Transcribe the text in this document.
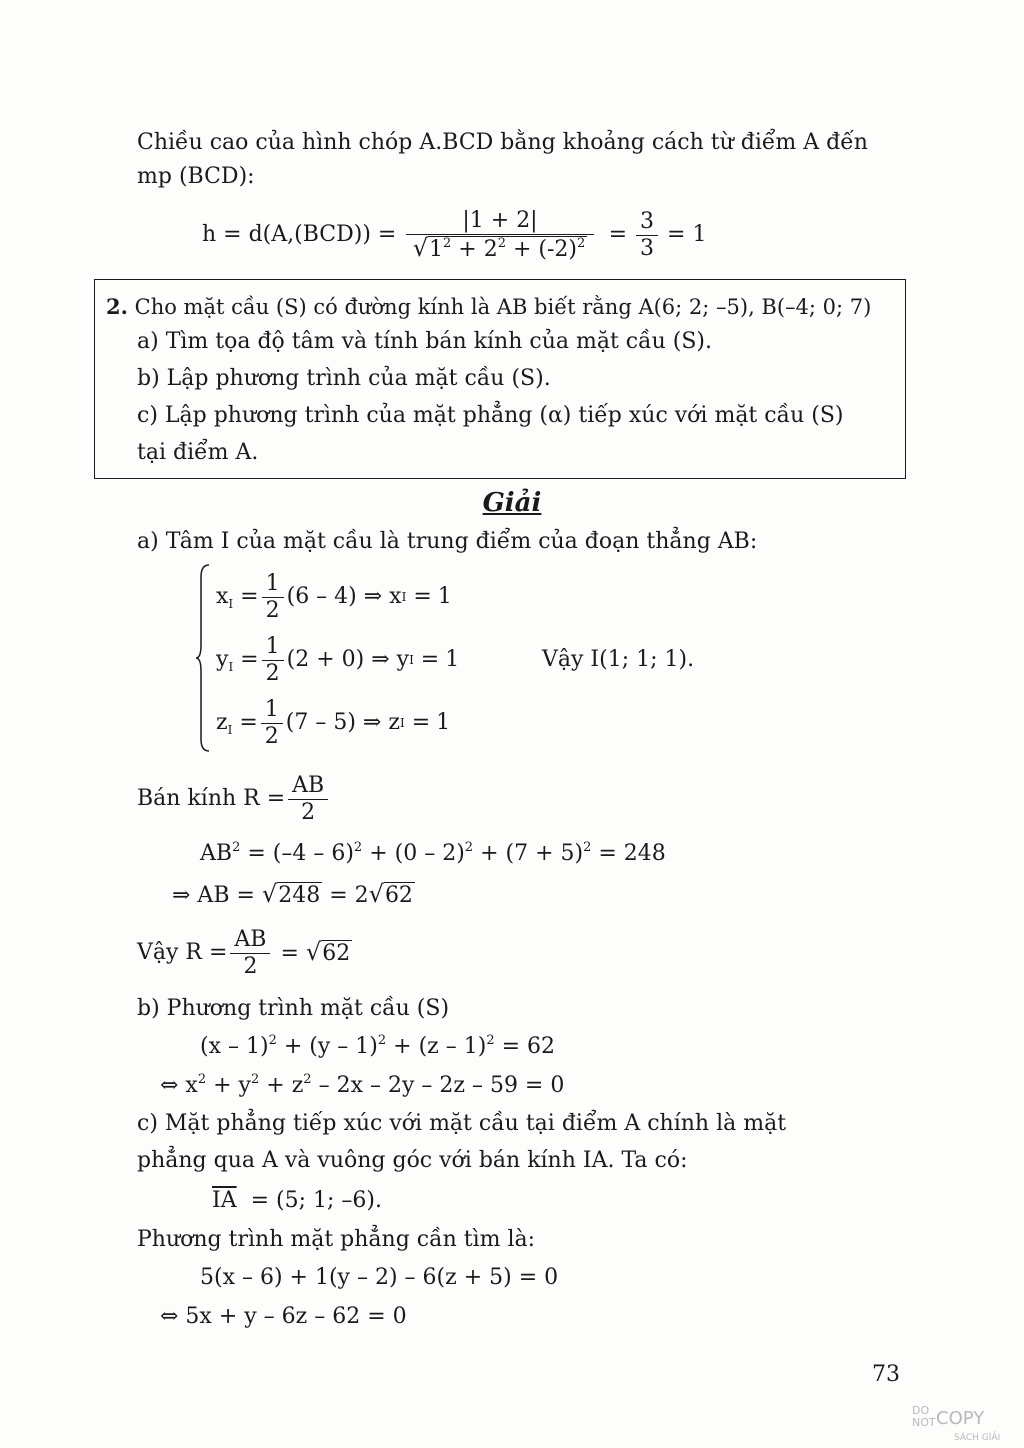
Chiều cao của hình chóp A.BCD bằng khoảng cách từ điểm A đến
mp (BCD):
$h = d(A,(BCD)) = \frac{|1 + 2|}{√1^2 + 2^2 + (-2)^2} = \frac{3}{3} = 1$
2. Cho mặt cầu (S) có đường kính là AB biết rằng A(6; 2; –5), B(–4; 0; 7)
a) Tìm tọa độ tâm và tính bán kính của mặt cầu (S).
b) Lập phương trình của mặt cầu (S).
c) Lập phương trình của mặt phẳng (α) tiếp xúc với mặt cầu (S)
tại điểm A.
Giải
a) Tâm I của mặt cầu là trung điểm của đoạn thẳng AB:
$x_I = \frac{1}{2} (6 - 4)$ ⇒ x I = 1
$y_I = \frac{1}{2} (2 + 0)$ ⇒ y I = 1	Vậy I(1; 1; 1).
$z_I = \frac{1}{2} (7 - 5)$ ⇒ z I = 1
Bán kính $R = \frac{AB}{2}$
$AB^2 = (-4 - 6)^2 + (0 - 2)^2 + (7 + 5)^2 = 248$
⇒ AB = √248 = 2√62
Vậy $R = \frac{AB}{2} = √62$
b) Phương trình mặt cầu (S)
(x – 1)$^2$ + (y – 1)$^2$ + (z – 1)$^2$ = 62
⇔ $x^2 + y^2 + z^2 - 2x - 2y - 2z - 59 = 0$
c) Mặt phẳng tiếp xúc với mặt cầu tại điểm A chính là mặt
phẳng qua A và vuông góc với bán kính IA. Ta có:
$\overline{IA} = (5$; 1; –6).
Phương trình mặt phẳng cần tìm là:
5(x – 6) + 1(y – 2) – 6(z + 5) = 0
⇔ 5x + y – 6z – 62 = 0
73
DO
NOT COPY
SÁCH GIẢI
